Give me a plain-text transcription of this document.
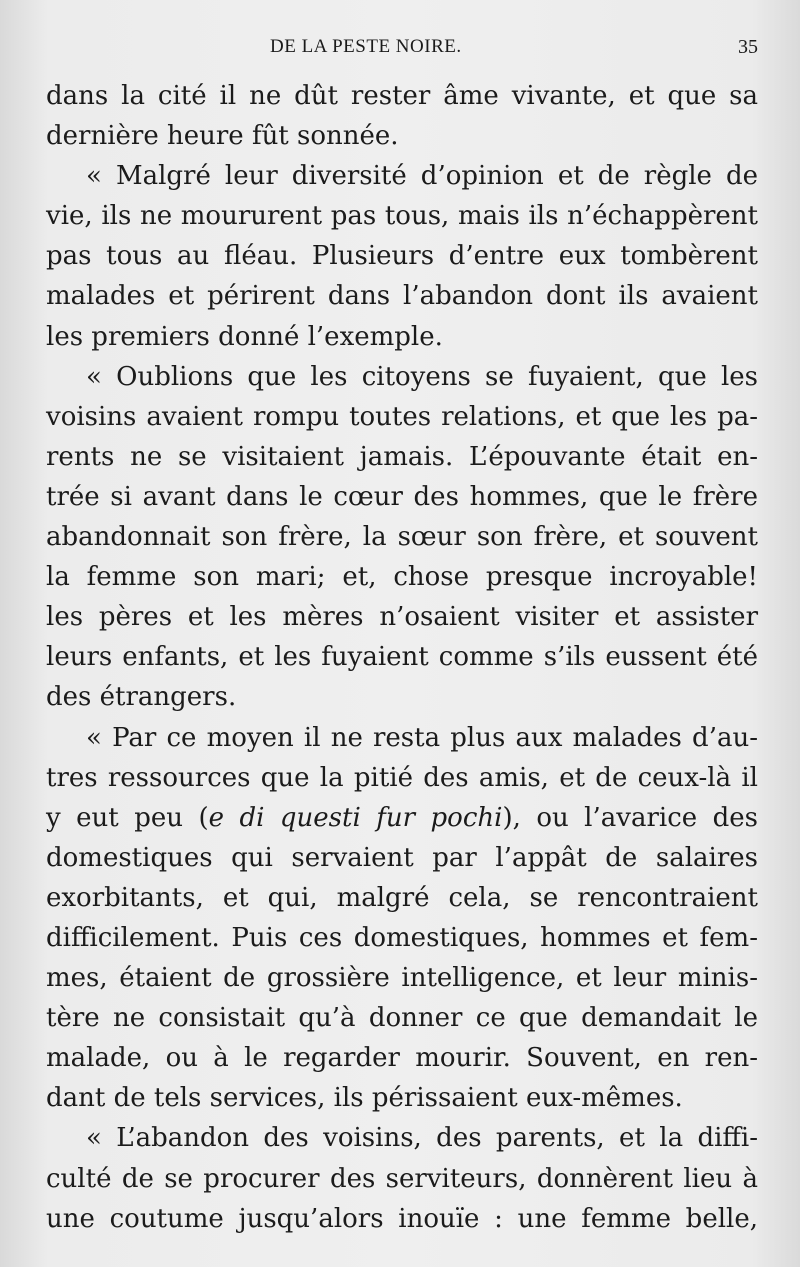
DE LA PESTE NOIRE.	35
dans la cité il ne dût rester âme vivante, et que sa
dernière heure fût sonnée.
« Malgré leur diversité d’opinion et de règle de
vie, ils ne moururent pas tous, mais ils n’échappèrent
pas tous au fléau. Plusieurs d’entre eux tombèrent
malades et périrent dans l’abandon dont ils avaient
les premiers donné l’exemple.
« Oublions que les citoyens se fuyaient, que les
voisins avaient rompu toutes relations, et que les pa-
rents ne se visitaient jamais. L’épouvante était en-
trée si avant dans le cœur des hommes, que le frère
abandonnait son frère, la sœur son frère, et souvent
la femme son mari; et, chose presque incroyable!
les pères et les mères n’osaient visiter et assister
leurs enfants, et les fuyaient comme s’ils eussent été
des étrangers.
« Par ce moyen il ne resta plus aux malades d’au-
tres ressources que la pitié des amis, et de ceux-là il
y eut peu (e di questi fur pochi), ou l’avarice des
domestiques qui servaient par l’appât de salaires
exorbitants, et qui, malgré cela, se rencontraient
difficilement. Puis ces domestiques, hommes et fem-
mes, étaient de grossière intelligence, et leur minis-
tère ne consistait qu’à donner ce que demandait le
malade, ou à le regarder mourir. Souvent, en ren-
dant de tels services, ils périssaient eux-mêmes.
« L’abandon des voisins, des parents, et la diffi-
culté de se procurer des serviteurs, donnèrent lieu à
une coutume jusqu’alors inouïe : une femme belle,
